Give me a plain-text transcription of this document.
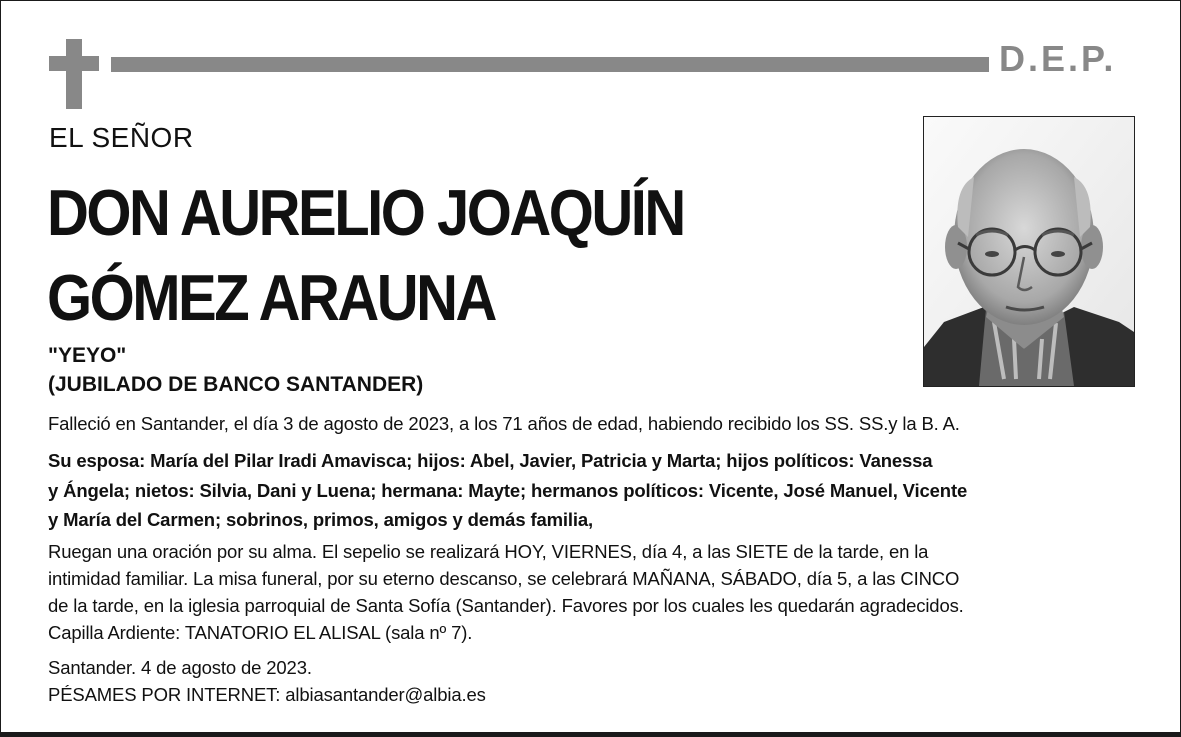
D.E.P.
EL SEÑOR
DON AURELIO JOAQUÍN
GÓMEZ ARAUNA
"YEYO"
(JUBILADO DE BANCO SANTANDER)
Falleció en Santander, el día 3 de agosto de 2023, a los 71 años de edad, habiendo recibido los SS. SS.y la B. A.
Su esposa: María del Pilar Iradi Amavisca; hijos: Abel, Javier, Patricia y Marta; hijos políticos: Vanessa
y Ángela; nietos: Silvia, Dani y Luena; hermana: Mayte; hermanos políticos: Vicente, José Manuel, Vicente
y María del Carmen; sobrinos, primos, amigos y demás familia,
Ruegan una oración por su alma. El sepelio se realizará HOY, VIERNES, día 4, a las SIETE de la tarde, en la
intimidad familiar. La misa funeral, por su eterno descanso, se celebrará MAÑANA, SÁBADO, día 5, a las CINCO
de la tarde, en la iglesia parroquial de Santa Sofía (Santander). Favores por los cuales les quedarán agradecidos.
Capilla Ardiente: TANATORIO EL ALISAL (sala nº 7).
Santander. 4 de agosto de 2023.
PÉSAMES POR INTERNET: albiasantander@albia.es
